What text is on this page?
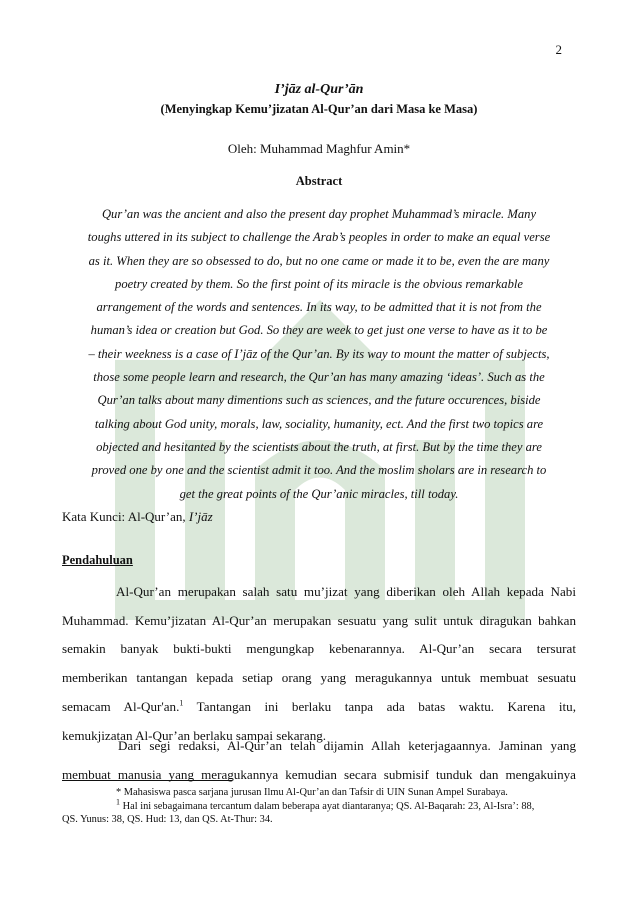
2
I’jāz al-Qur’ān
(Menyingkap Kemu’jizatan Al-Qur’an dari Masa ke Masa)
Oleh: Muhammad Maghfur Amin*
Abstract
Qur’an was the ancient and also the present day prophet Muhammad’s miracle. Many
toughs uttered in its subject to challenge the Arab’s peoples in order to make an equal verse
as it. When they are so obsessed to do, but no one came or made it to be, even the are many
poetry created by them. So the first point of its miracle is the obvious remarkable
arrangement of the words and sentences. In its way, to be admitted that it is not from the
human’s idea or creation but God. So they are week to get just one verse to have as it to be
– their weekness is a case of I’jāz of the Qur’an. By its way to mount the matter of subjects,
those some people learn and research, the Qur’an has many amazing ‘ideas’. Such as the
Qur’an talks about many dimentions such as sciences, and the future occurences, biside
talking about God unity, morals, law, sociality, humanity, ect. And the first two topics are
objected and hesitanted by the scientists about the truth, at first. But by the time they are
proved one by one and the scientist admit it too. And the moslim sholars are in research to
get the great points of the Qur’anic miracles, till today.
Kata Kunci: Al-Qur’an, I’jāz
Pendahuluan
Al-Qur’an merupakan salah satu mu’jizat yang diberikan oleh Allah kepada Nabi
Muhammad. Kemu’jizatan Al-Qur’an merupakan sesuatu yang sulit untuk diragukan bahkan
semakin banyak bukti-bukti mengungkap kebenarannya. Al-Qur’an secara tersurat
memberikan tantangan kepada setiap orang yang meragukannya untuk membuat sesuatu
semacam Al-Qur'an.$^1$ Tantangan ini berlaku tanpa ada batas waktu. Karena itu,
kemukjizatan Al-Qur’an berlaku sampai sekarang.
Dari segi redaksi, Al-Qur’an telah dijamin Allah keterjagaannya. Jaminan yang
membuat manusia yang meragukannya kemudian secara submisif tunduk dan mengakuinya
* Mahasiswa pasca sarjana jurusan Ilmu Al-Qur’an dan Tafsir di UIN Sunan Ampel Surabaya.
$^1$ Hal ini sebagaimana tercantum dalam beberapa ayat diantaranya; QS. Al-Baqarah: 23, Al-Isra’: 88,
QS. Yunus: 38, QS. Hud: 13, dan QS. At-Thur: 34.
